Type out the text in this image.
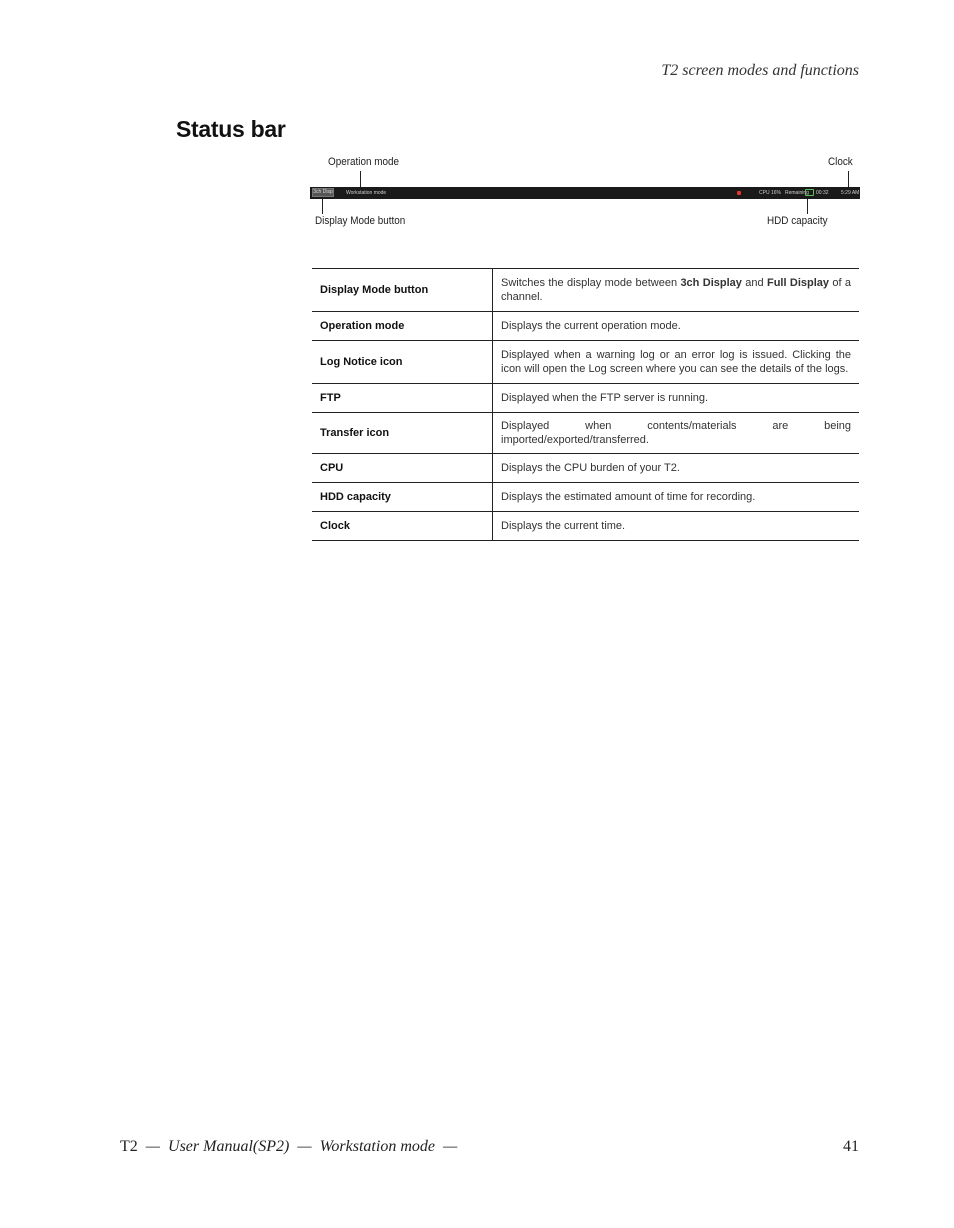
T2 screen modes and functions
Status bar
Operation mode	Clock
3ch Disp	Workstation mode	CPU 16% Remaining 00:32 5:29 AM
Display Mode button	HDD capacity
Display Mode button	Switches the display mode between 3ch Display and Full Display of a channel.
Operation mode	Displays the current operation mode.
Log Notice icon	Displayed when a warning log or an error log is issued. Clicking the icon will open the Log screen where you can see the details of the logs.
FTP	Displayed when the FTP server is running.
Transfer icon	Displayed when contents/materials are being imported/exported/transferred.
CPU	Displays the CPU burden of your T2.
HDD capacity	Displays the estimated amount of time for recording.
Clock	Displays the current time.
T2 — User Manual(SP2) — Workstation mode —	41
